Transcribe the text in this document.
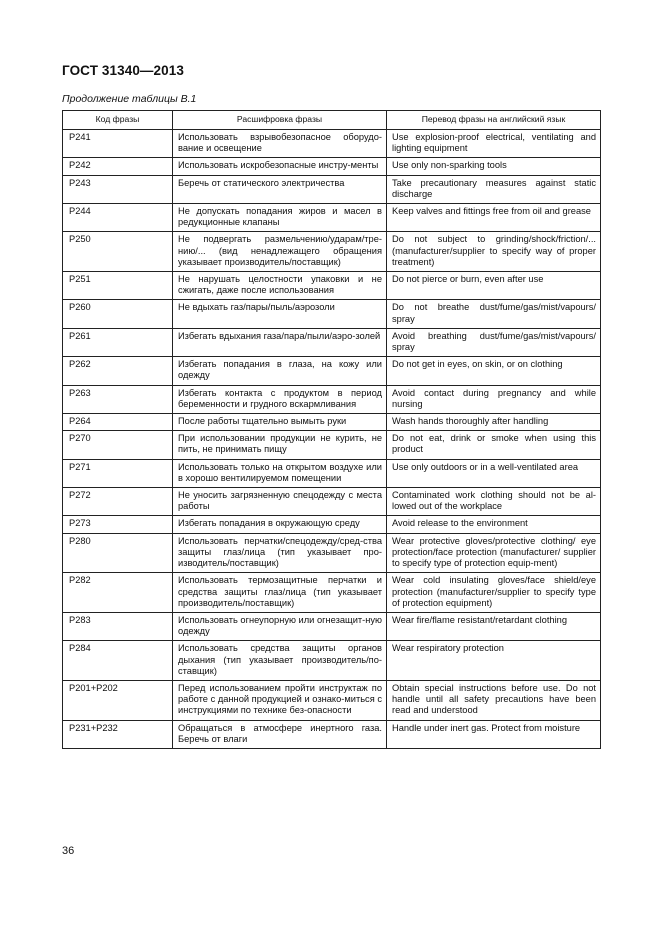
ГОСТ 31340—2013
Продолжение таблицы В.1
Код фразы	Расшифровка фразы	Перевод фразы на английский язык
P241	Использовать взрывобезопасное оборудо-вание и освещение	Use explosion-proof electrical, ventilating and lighting equipment
P242	Использовать искробезопасные инстру-менты	Use only non-sparking tools
P243	Беречь от статического электричества	Take precautionary measures against static discharge
P244	Не допускать попадания жиров и масел в редукционные клапаны	Keep valves and fittings free from oil and grease
P250	Не подвергать размельчению/ударам/тре-нию/... (вид ненадлежащего обращения указывает производитель/поставщик)	Do not subject to grinding/shock/friction/... (manufacturer/supplier to specify way of proper treatment)
P251	Не нарушать целостности упаковки и не сжигать, даже после использования	Do not pierce or burn, even after use
P260	Не вдыхать газ/пары/пыль/аэрозоли	Do not breathe dust/fume/gas/mist/vapours/ spray
P261	Избегать вдыхания газа/пара/пыли/аэро-золей	Avoid breathing dust/fume/gas/mist/vapours/ spray
P262	Избегать попадания в глаза, на кожу или одежду	Do not get in eyes, on skin, or on clothing
P263	Избегать контакта с продуктом в период беременности и грудного вскармливания	Avoid contact during pregnancy and while nursing
P264	После работы тщательно вымыть руки	Wash hands thoroughly after handling
P270	При использовании продукции не курить, не пить, не принимать пищу	Do not eat, drink or smoke when using this product
P271	Использовать только на открытом воздухе или в хорошо вентилируемом помещении	Use only outdoors or in a well-ventilated area
P272	Не уносить загрязненную спецодежду с места работы	Contaminated work clothing should not be al-lowed out of the workplace
P273	Избегать попадания в окружающую среду	Avoid release to the environment
P280	Использовать перчатки/спецодежду/сред-ства защиты глаз/лица (тип указывает про-изводитель/поставщик)	Wear protective gloves/protective clothing/ eye protection/face protection (manufacturer/ supplier to specify type of protection equip-ment)
P282	Использовать термозащитные перчатки и средства защиты глаз/лица (тип указывает производитель/поставщик)	Wear cold insulating gloves/face shield/eye protection (manufacturer/supplier to specify type of protection equipment)
P283	Использовать огнеупорную или огнезащит-ную одежду	Wear fire/flame resistant/retardant clothing
P284	Использовать средства защиты органов дыхания (тип указывает производитель/по-ставщик)	Wear respiratory protection
P201+P202	Перед использованием пройти инструктаж по работе с данной продукцией и ознако-миться с инструкциями по технике без-опасности	Obtain special instructions before use. Do not handle until all safety precautions have been read and understood
P231+P232	Обращаться в атмосфере инертного газа. Беречь от влаги	Handle under inert gas. Protect from moisture
36
